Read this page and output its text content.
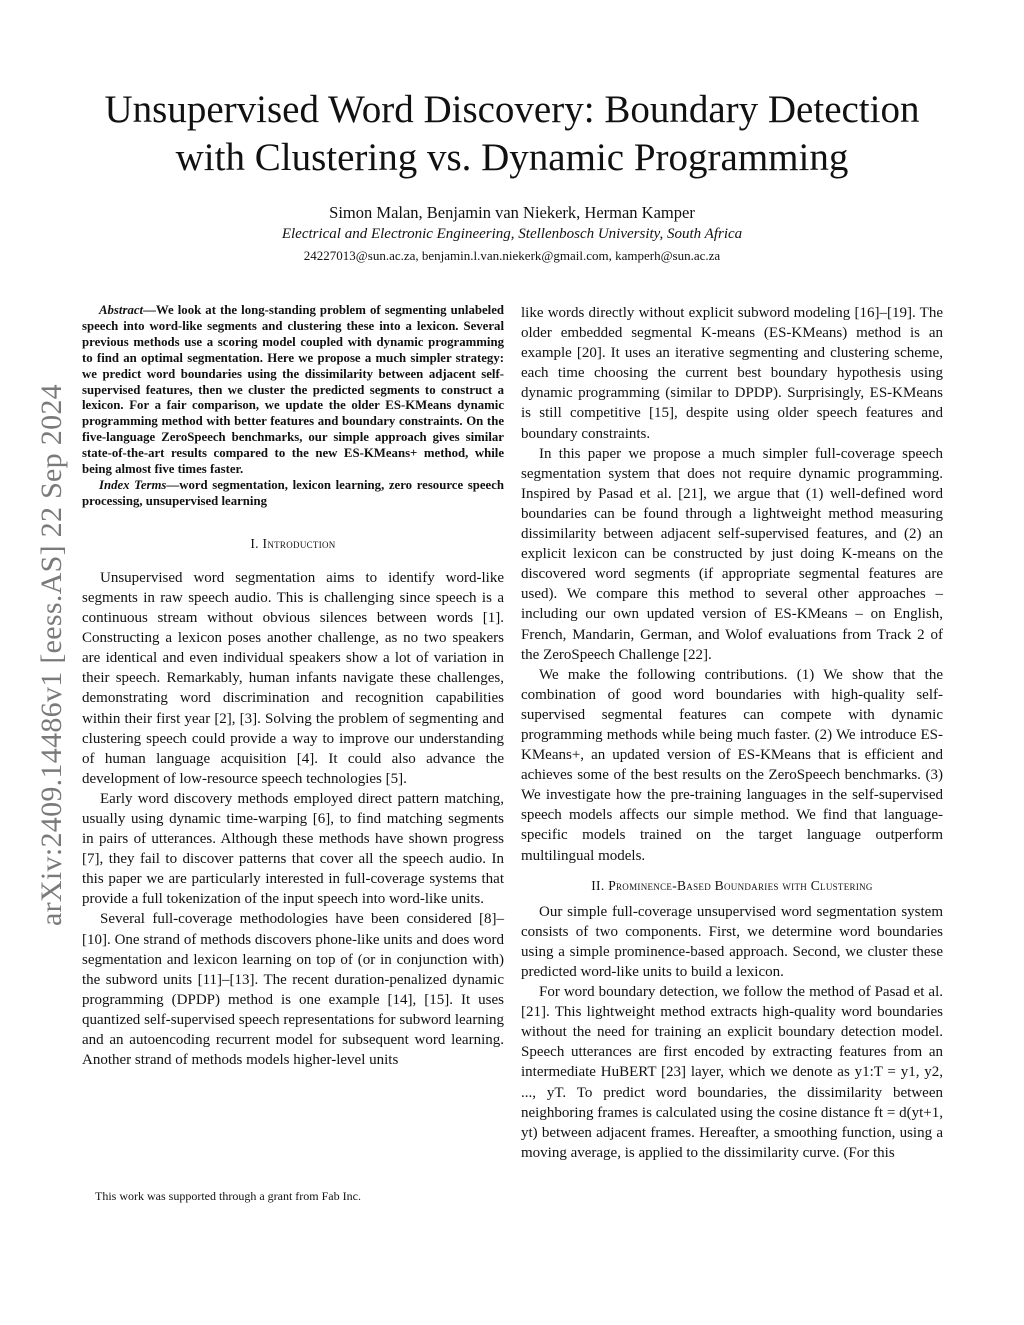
arXiv:2409.14486v1 [eess.AS] 22 Sep 2024
Unsupervised Word Discovery: Boundary Detection with Clustering vs. Dynamic Programming
Simon Malan, Benjamin van Niekerk, Herman Kamper
Electrical and Electronic Engineering, Stellenbosch University, South Africa
24227013@sun.ac.za, benjamin.l.van.niekerk@gmail.com, kamperh@sun.ac.za

Abstract—We look at the long-standing problem of segmenting unlabeled speech into word-like segments and clustering these into a lexicon. Several previous methods use a scoring model coupled with dynamic programming to find an optimal segmentation. Here we propose a much simpler strategy: we predict word boundaries using the dissimilarity between adjacent self-supervised features, then we cluster the predicted segments to construct a lexicon. For a fair comparison, we update the older ES-KMeans dynamic programming method with better features and boundary constraints. On the five-language ZeroSpeech benchmarks, our simple approach gives similar state-of-the-art results compared to the new ES-KMeans+ method, while being almost five times faster.

Index Terms—word segmentation, lexicon learning, zero resource speech processing, unsupervised learning

I. Introduction

Unsupervised word segmentation aims to identify word-like segments in raw speech audio. This is challenging since speech is a continuous stream without obvious silences between words [1]. Constructing a lexicon poses another challenge, as no two speakers are identical and even individual speakers show a lot of variation in their speech. Remarkably, human infants navigate these challenges, demonstrating word discrimination and recognition capabilities within their first year [2], [3]. Solving the problem of segmenting and clustering speech could provide a way to improve our understanding of human language acquisition [4]. It could also advance the development of low-resource speech technologies [5].

Early word discovery methods employed direct pattern matching, usually using dynamic time-warping [6], to find matching segments in pairs of utterances. Although these methods have shown progress [7], they fail to discover patterns that cover all the speech audio. In this paper we are particularly interested in full-coverage systems that provide a full tokenization of the input speech into word-like units.

Several full-coverage methodologies have been considered [8]–[10]. One strand of methods discovers phone-like units and does word segmentation and lexicon learning on top of (or in conjunction with) the subword units [11]–[13]. The recent duration-penalized dynamic programming (DPDP) method is one example [14], [15]. It uses quantized self-supervised speech representations for subword learning and an autoencoding recurrent model for subsequent word learning. Another strand of methods models higher-level units

like words directly without explicit subword modeling [16]–[19]. The older embedded segmental K-means (ES-KMeans) method is an example [20]. It uses an iterative segmenting and clustering scheme, each time choosing the current best boundary hypothesis using dynamic programming (similar to DPDP). Surprisingly, ES-KMeans is still competitive [15], despite using older speech features and boundary constraints.

In this paper we propose a much simpler full-coverage speech segmentation system that does not require dynamic programming. Inspired by Pasad et al. [21], we argue that (1) well-defined word boundaries can be found through a lightweight method measuring dissimilarity between adjacent self-supervised features, and (2) an explicit lexicon can be constructed by just doing K-means on the discovered word segments (if appropriate segmental features are used). We compare this method to several other approaches – including our own updated version of ES-KMeans – on English, French, Mandarin, German, and Wolof evaluations from Track 2 of the ZeroSpeech Challenge [22].

We make the following contributions. (1) We show that the combination of good word boundaries with high-quality self-supervised segmental features can compete with dynamic programming methods while being much faster. (2) We introduce ES-KMeans+, an updated version of ES-KMeans that is efficient and achieves some of the best results on the ZeroSpeech benchmarks. (3) We investigate how the pre-training languages in the self-supervised speech models affects our simple method. We find that language-specific models trained on the target language outperform multilingual models.

II. Prominence-Based Boundaries with Clustering

Our simple full-coverage unsupervised word segmentation system consists of two components. First, we determine word boundaries using a simple prominence-based approach. Second, we cluster these predicted word-like units to build a lexicon.

For word boundary detection, we follow the method of Pasad et al. [21]. This lightweight method extracts high-quality word boundaries without the need for training an explicit boundary detection model. Speech utterances are first encoded by extracting features from an intermediate HuBERT [23] layer, which we denote as y1:T = y1, y2, ..., yT. To predict word boundaries, the dissimilarity between neighboring frames is calculated using the cosine distance ft = d(yt+1, yt) between adjacent frames. Hereafter, a smoothing function, using a moving average, is applied to the dissimilarity curve. (For this

This work was supported through a grant from Fab Inc.
